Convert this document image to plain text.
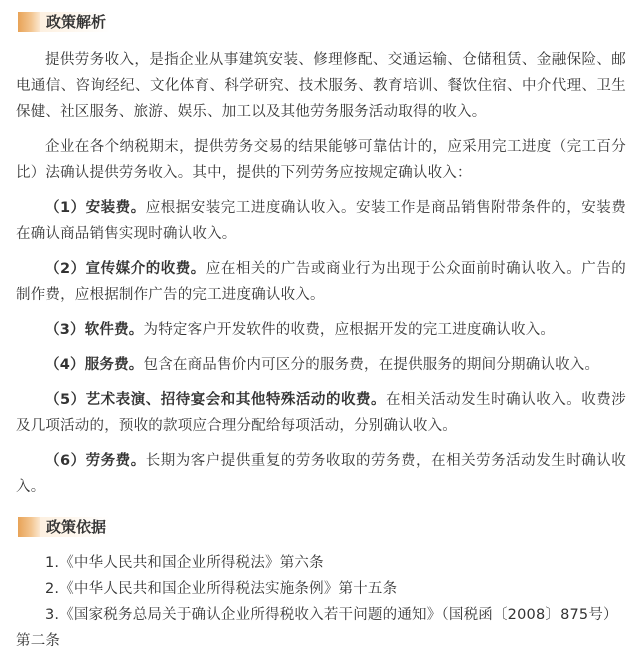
政策解析

提供劳务收入，是指企业从事建筑安装、修理修配、交通运输、仓储租赁、金融保险、邮电通信、咨询经纪、文化体育、科学研究、技术服务、教育培训、餐饮住宿、中介代理、卫生保健、社区服务、旅游、娱乐、加工以及其他劳务服务活动取得的收入。

企业在各个纳税期末，提供劳务交易的结果能够可靠估计的，应采用完工进度（完工百分比）法确认提供劳务收入。其中，提供的下列劳务应按规定确认收入：

（1）安装费。应根据安装完工进度确认收入。安装工作是商品销售附带条件的，安装费在确认商品销售实现时确认收入。

（2）宣传媒介的收费。应在相关的广告或商业行为出现于公众面前时确认收入。广告的制作费，应根据制作广告的完工进度确认收入。

（3）软件费。为特定客户开发软件的收费，应根据开发的完工进度确认收入。

（4）服务费。包含在商品售价内可区分的服务费，在提供服务的期间分期确认收入。

（5）艺术表演、招待宴会和其他特殊活动的收费。在相关活动发生时确认收入。收费涉及几项活动的，预收的款项应合理分配给每项活动，分别确认收入。

（6）劳务费。长期为客户提供重复的劳务收取的劳务费，在相关劳务活动发生时确认收入。

政策依据

1.《中华人民共和国企业所得税法》第六条

2.《中华人民共和国企业所得税法实施条例》第十五条

3.《国家税务总局关于确认企业所得税收入若干问题的通知》（国税函〔2008〕875号）第二条
